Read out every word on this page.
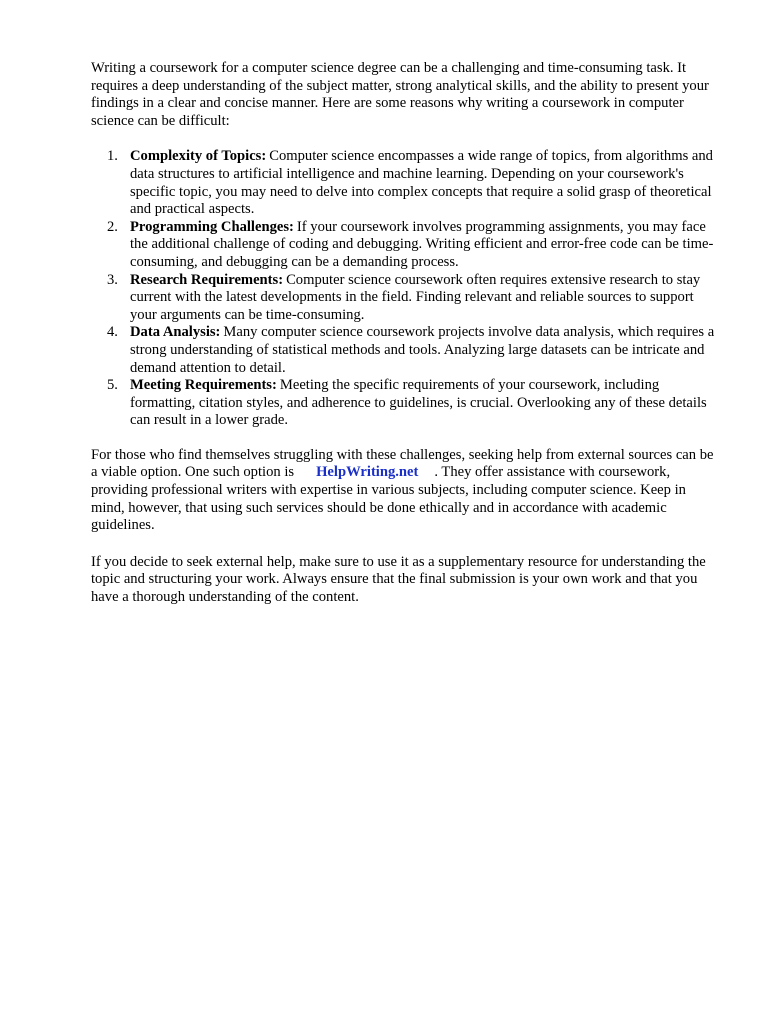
Writing a coursework for a computer science degree can be a challenging and time-consuming task. It requires a deep understanding of the subject matter, strong analytical skills, and the ability to present your findings in a clear and concise manner. Here are some reasons why writing a coursework in computer science can be difficult:

1. Complexity of Topics: Computer science encompasses a wide range of topics, from algorithms and data structures to artificial intelligence and machine learning. Depending on your coursework's specific topic, you may need to delve into complex concepts that require a solid grasp of theoretical and practical aspects.
2. Programming Challenges: If your coursework involves programming assignments, you may face the additional challenge of coding and debugging. Writing efficient and error-free code can be time-consuming, and debugging can be a demanding process.
3. Research Requirements: Computer science coursework often requires extensive research to stay current with the latest developments in the field. Finding relevant and reliable sources to support your arguments can be time-consuming.
4. Data Analysis: Many computer science coursework projects involve data analysis, which requires a strong understanding of statistical methods and tools. Analyzing large datasets can be intricate and demand attention to detail.
5. Meeting Requirements: Meeting the specific requirements of your coursework, including formatting, citation styles, and adherence to guidelines, is crucial. Overlooking any of these details can result in a lower grade.

For those who find themselves struggling with these challenges, seeking help from external sources can be a viable option. One such option is HelpWriting.net . They offer assistance with coursework, providing professional writers with expertise in various subjects, including computer science. Keep in mind, however, that using such services should be done ethically and in accordance with academic guidelines.

If you decide to seek external help, make sure to use it as a supplementary resource for understanding the topic and structuring your work. Always ensure that the final submission is your own work and that you have a thorough understanding of the content.
